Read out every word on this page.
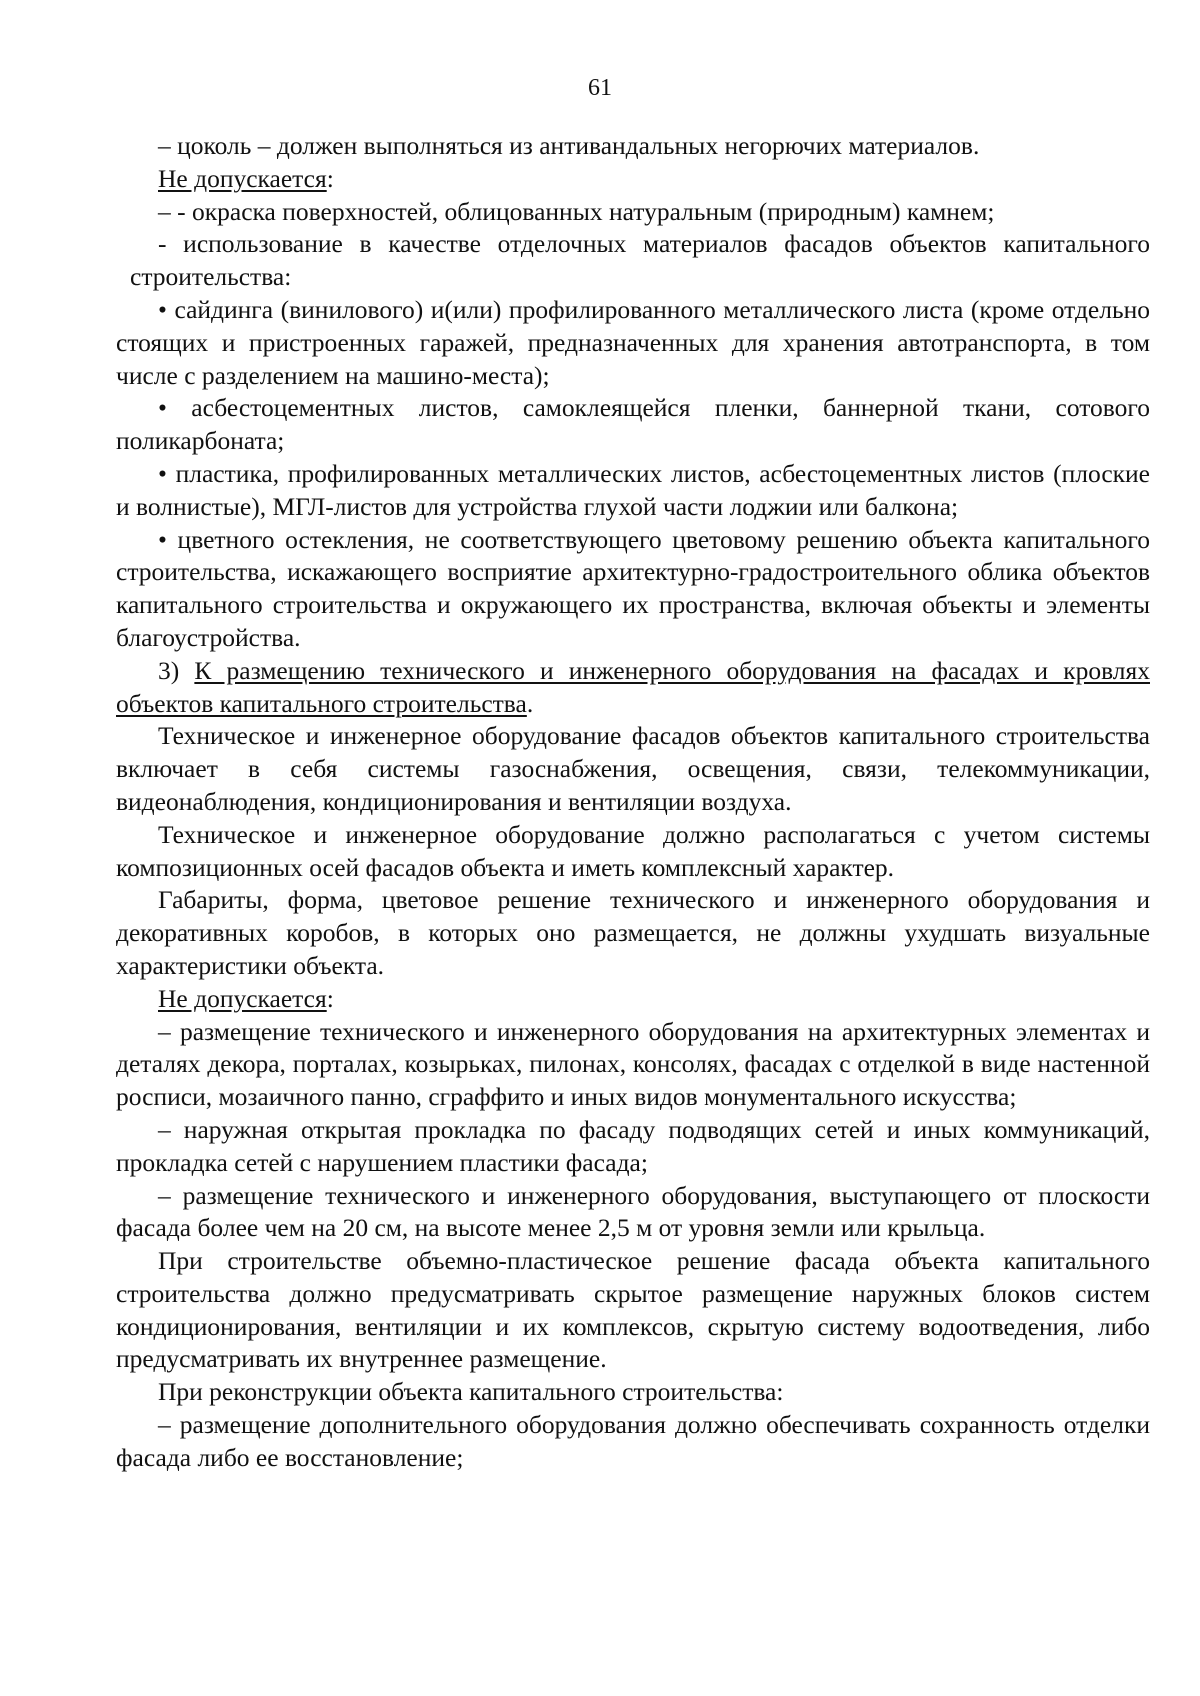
61

– цоколь – должен выполняться из антивандальных негорючих материалов.

Не допускается:

– - окраска поверхностей, облицованных натуральным (природным) камнем;

- использование в качестве отделочных материалов фасадов объектов капитального строительства:

• сайдинга (винилового) и(или) профилированного металлического листа (кроме отдельно стоящих и пристроенных гаражей, предназначенных для хранения автотранспорта, в том числе с разделением на машино-места);

• асбестоцементных листов, самоклеящейся пленки, баннерной ткани, сотового поликарбоната;

• пластика, профилированных металлических листов, асбестоцементных листов (плоские и волнистые), МГЛ-листов для устройства глухой части лоджии или балкона;

• цветного остекления, не соответствующего цветовому решению объекта капитального строительства, искажающего восприятие архитектурно-градостроительного облика объектов капитального строительства и окружающего их пространства, включая объекты и элементы благоустройства.

3) К размещению технического и инженерного оборудования на фасадах и кровлях объектов капитального строительства.

Техническое и инженерное оборудование фасадов объектов капитального строительства включает в себя системы газоснабжения, освещения, связи, телекоммуникации, видеонаблюдения, кондиционирования и вентиляции воздуха.

Техническое и инженерное оборудование должно располагаться с учетом системы композиционных осей фасадов объекта и иметь комплексный характер.

Габариты, форма, цветовое решение технического и инженерного оборудования и декоративных коробов, в которых оно размещается, не должны ухудшать визуальные характеристики объекта.

Не допускается:

– размещение технического и инженерного оборудования на архитектурных элементах и деталях декора, порталах, козырьках, пилонах, консолях, фасадах с отделкой в виде настенной росписи, мозаичного панно, сграффито и иных видов монументального искусства;

– наружная открытая прокладка по фасаду подводящих сетей и иных коммуникаций, прокладка сетей с нарушением пластики фасада;

– размещение технического и инженерного оборудования, выступающего от плоскости фасада более чем на 20 см, на высоте менее 2,5 м от уровня земли или крыльца.

При строительстве объемно-пластическое решение фасада объекта капитального строительства должно предусматривать скрытое размещение наружных блоков систем кондиционирования, вентиляции и их комплексов, скрытую систему водоотведения, либо предусматривать их внутреннее размещение.

При реконструкции объекта капитального строительства:

– размещение дополнительного оборудования должно обеспечивать сохранность отделки фасада либо ее восстановление;
